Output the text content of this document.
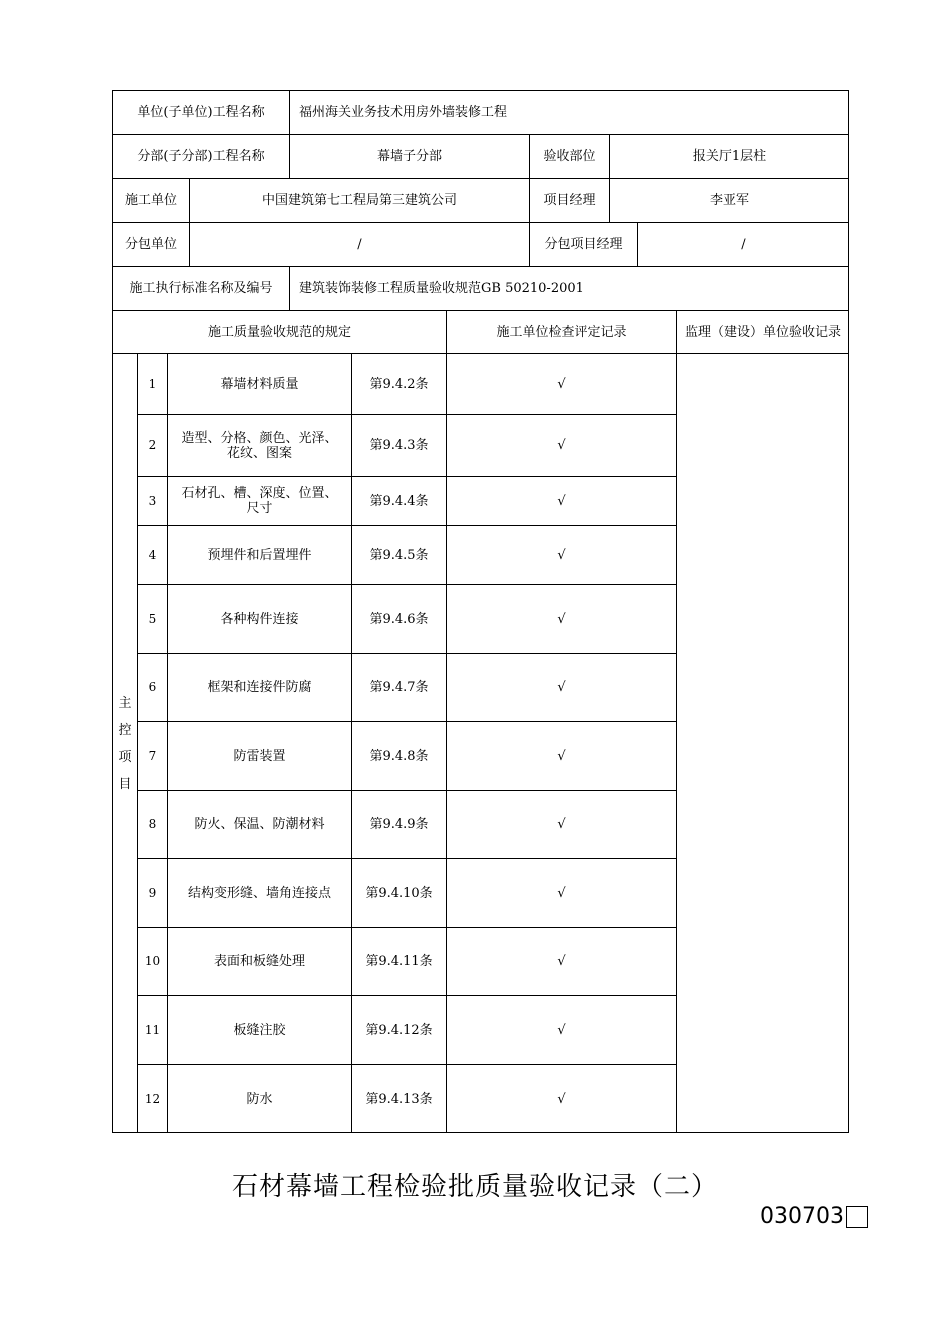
单位(子单位)工程名称	福州海关业务技术用房外墙装修工程
分部(子分部)工程名称	幕墙子分部	验收部位	报关厅1层柱
施工单位	中国建筑第七工程局第三建筑公司	项目经理	李亚军
分包单位	/	分包项目经理	/
施工执行标准名称及编号	建筑装饰装修工程质量验收规范GB 50210-2001
施工质量验收规范的规定	施工单位检查评定记录	监理（建设）单位验收记录
主
控
项
目
1	幕墙材料质量	第9.4.2条	√
2	造型、分格、颜色、光泽、花纹、图案	第9.4.3条	√
3	石材孔、槽、深度、位置、尺寸	第9.4.4条	√
4	预埋件和后置埋件	第9.4.5条	√
5	各种构件连接	第9.4.6条	√
6	框架和连接件防腐	第9.4.7条	√
7	防雷装置	第9.4.8条	√
8	防火、保温、防潮材料	第9.4.9条	√
9	结构变形缝、墙角连接点	第9.4.10条	√
10	表面和板缝处理	第9.4.11条	√
11	板缝注胶	第9.4.12条	√
12	防水	第9.4.13条	√
石材幕墙工程检验批质量验收记录（二）
030703
